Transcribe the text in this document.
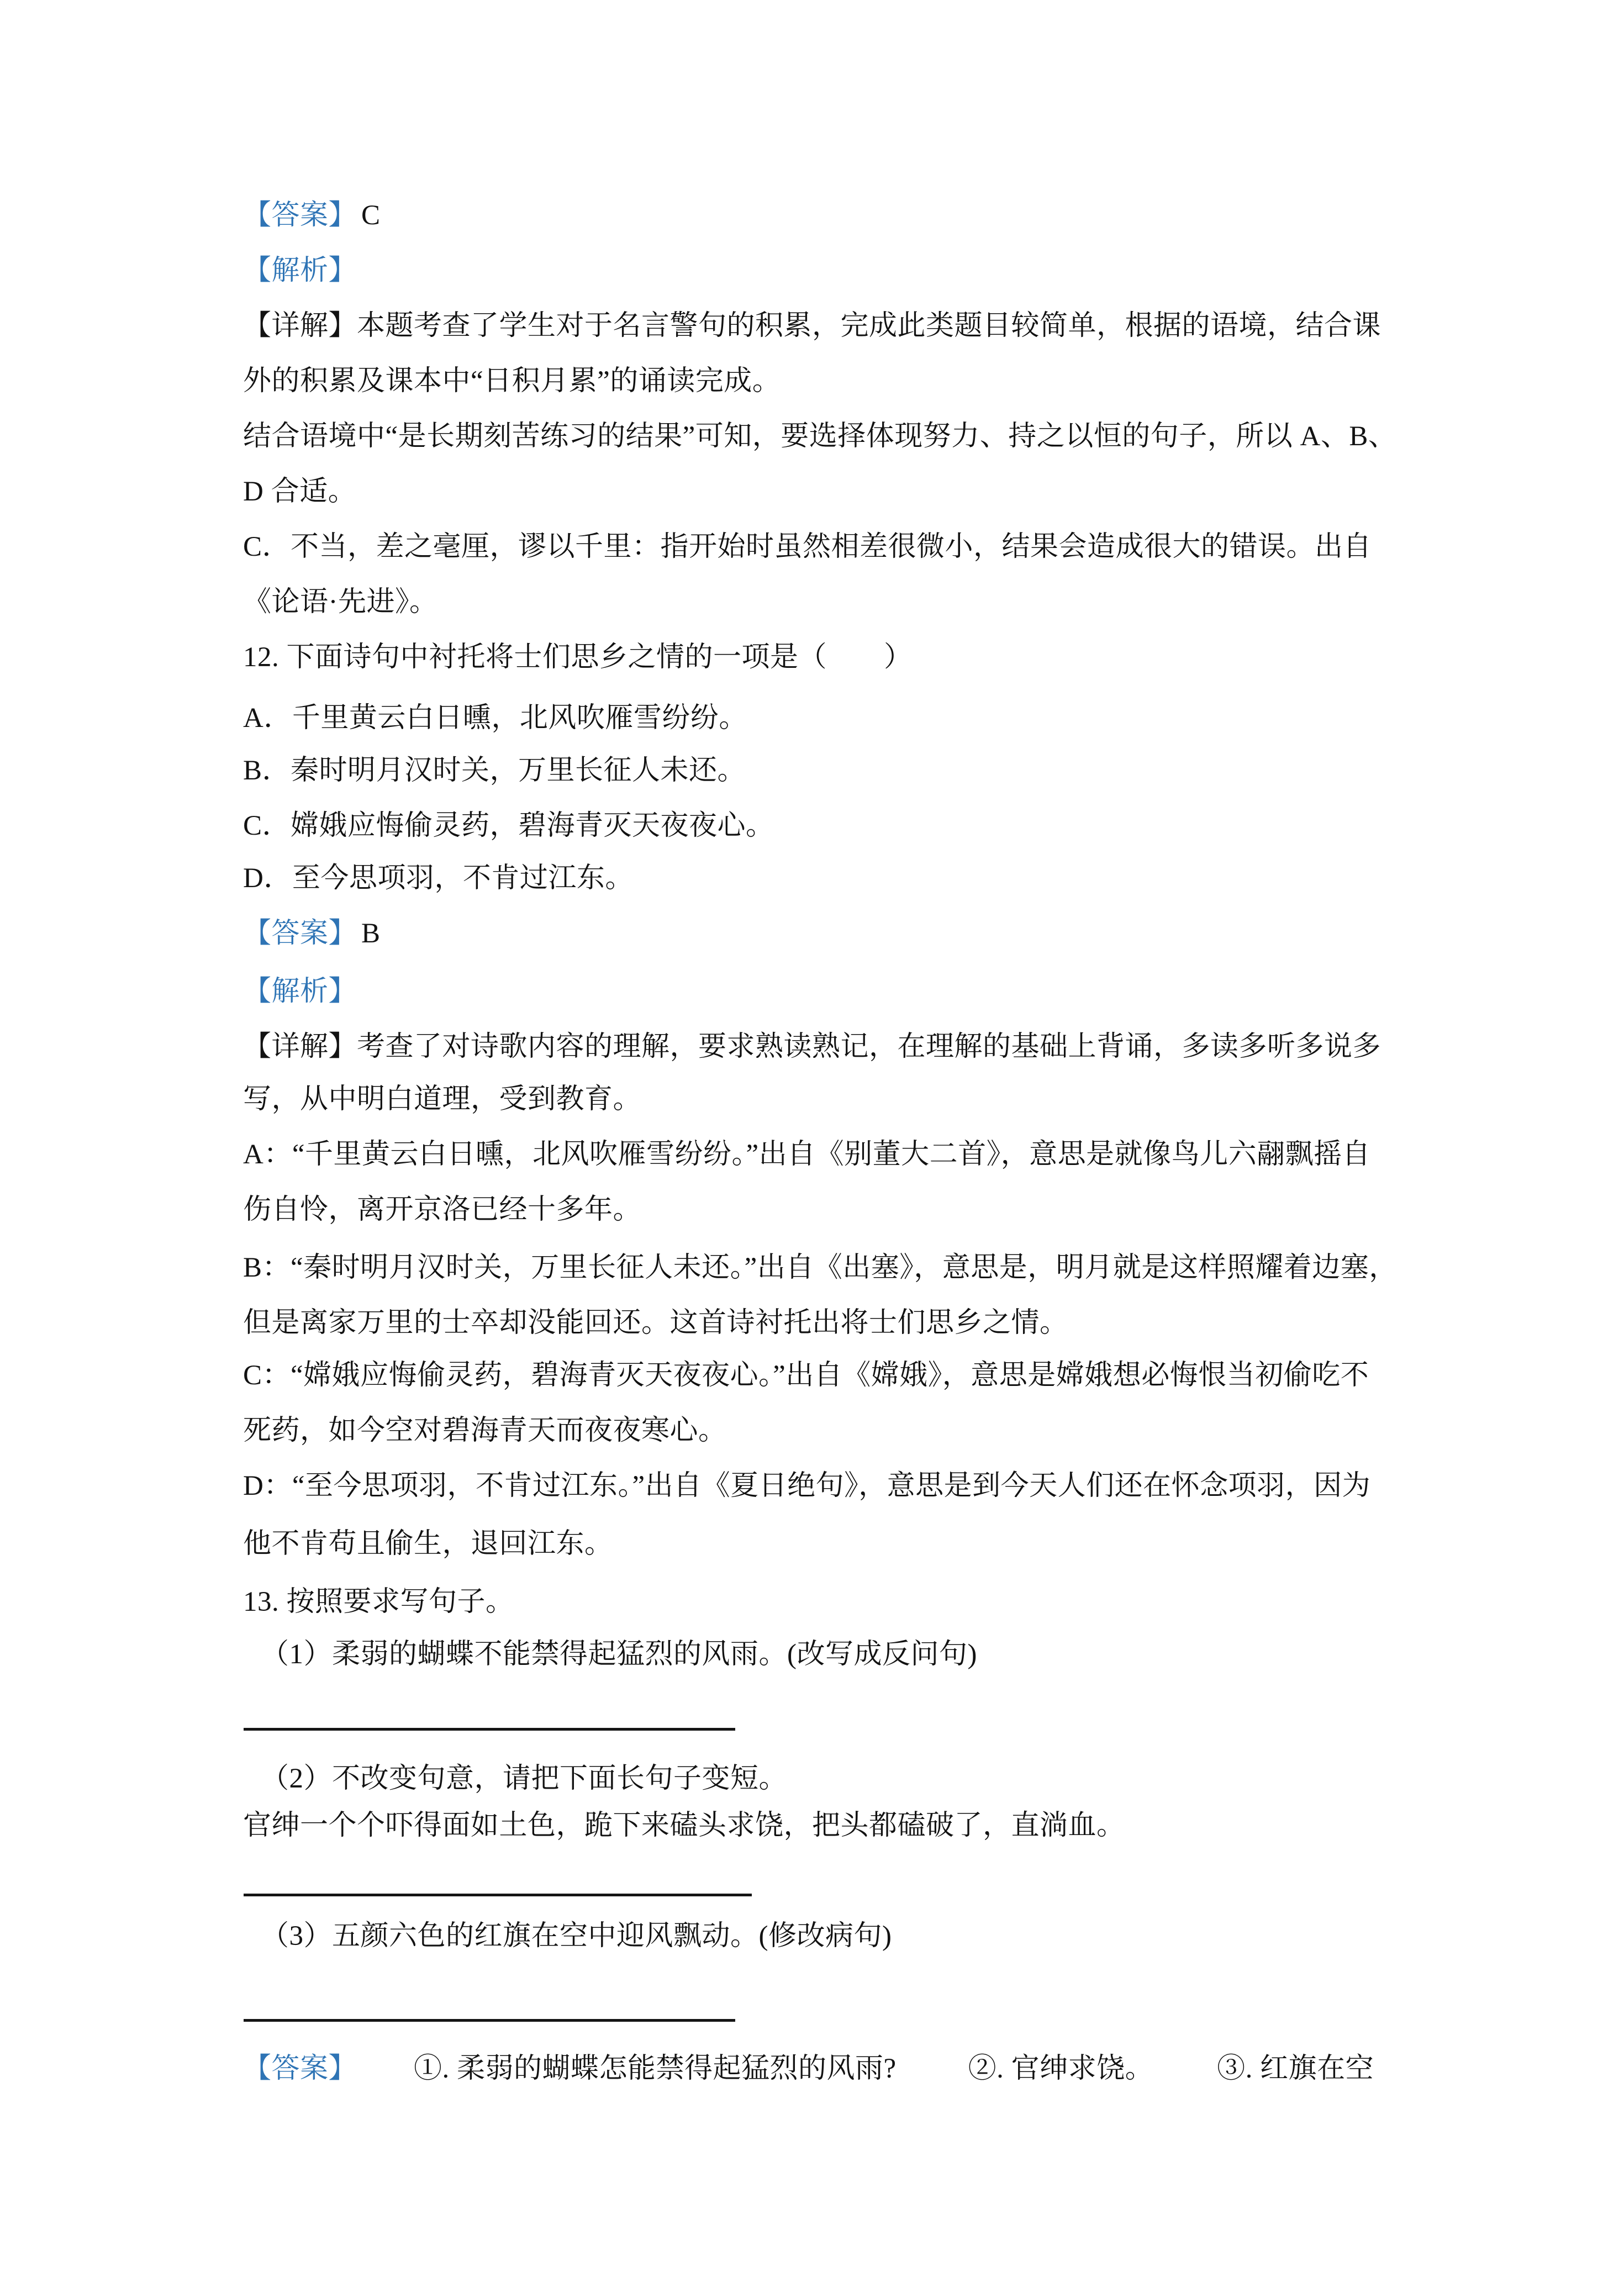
【答案】 C
【解析】
【详解】本题考查了学生对于名言警句的积累，完成此类题目较简单，根据的语境，结合课
外的积累及课本中“日积月累”的诵读完成。
结合语境中“是长期刻苦练习的结果”可知，要选择体现努力、持之以恒的句子，所以 A、B、
D 合适。
C．不当，差之毫厘，谬以千里：指开始时虽然相差很微小，结果会造成很大的错误。出自
《论语·先进》。
12. 下面诗句中衬托将士们思乡之情的一项是（　　）
A．千里黄云白日曛，北风吹雁雪纷纷。
B．秦时明月汉时关，万里长征人未还。
C．嫦娥应悔偷灵药，碧海青灭天夜夜心。
D．至今思项羽，不肯过江东。
【答案】 B
【解析】
【详解】考查了对诗歌内容的理解，要求熟读熟记，在理解的基础上背诵，多读多听多说多
写，从中明白道理，受到教育。
A：“千里黄云白日曛，北风吹雁雪纷纷。”出自《别董大二首》，意思是就像鸟儿六翮飘摇自
伤自怜，离开京洛已经十多年。
B：“秦时明月汉时关，万里长征人未还。”出自《出塞》，意思是，明月就是这样照耀着边塞，
但是离家万里的士卒却没能回还。这首诗衬托出将士们思乡之情。
C：“嫦娥应悔偷灵药，碧海青灭天夜夜心。”出自《嫦娥》，意思是嫦娥想必悔恨当初偷吃不
死药，如今空对碧海青天而夜夜寒心。
D：“至今思项羽，不肯过江东。”出自《夏日绝句》，意思是到今天人们还在怀念项羽，因为
他不肯苟且偷生，退回江东。
13. 按照要求写句子。
（1）柔弱的蝴蝶不能禁得起猛烈的风雨。(改写成反问句)
（2）不改变句意，请把下面长句子变短。
官绅一个个吓得面如土色，跪下来磕头求饶，把头都磕破了，直淌血。
（3）五颜六色的红旗在空中迎风飘动。(修改病句)
【答案】 ①. 柔弱的蝴蝶怎能禁得起猛烈的风雨?	②. 官绅求饶。 ③. 红旗在空
